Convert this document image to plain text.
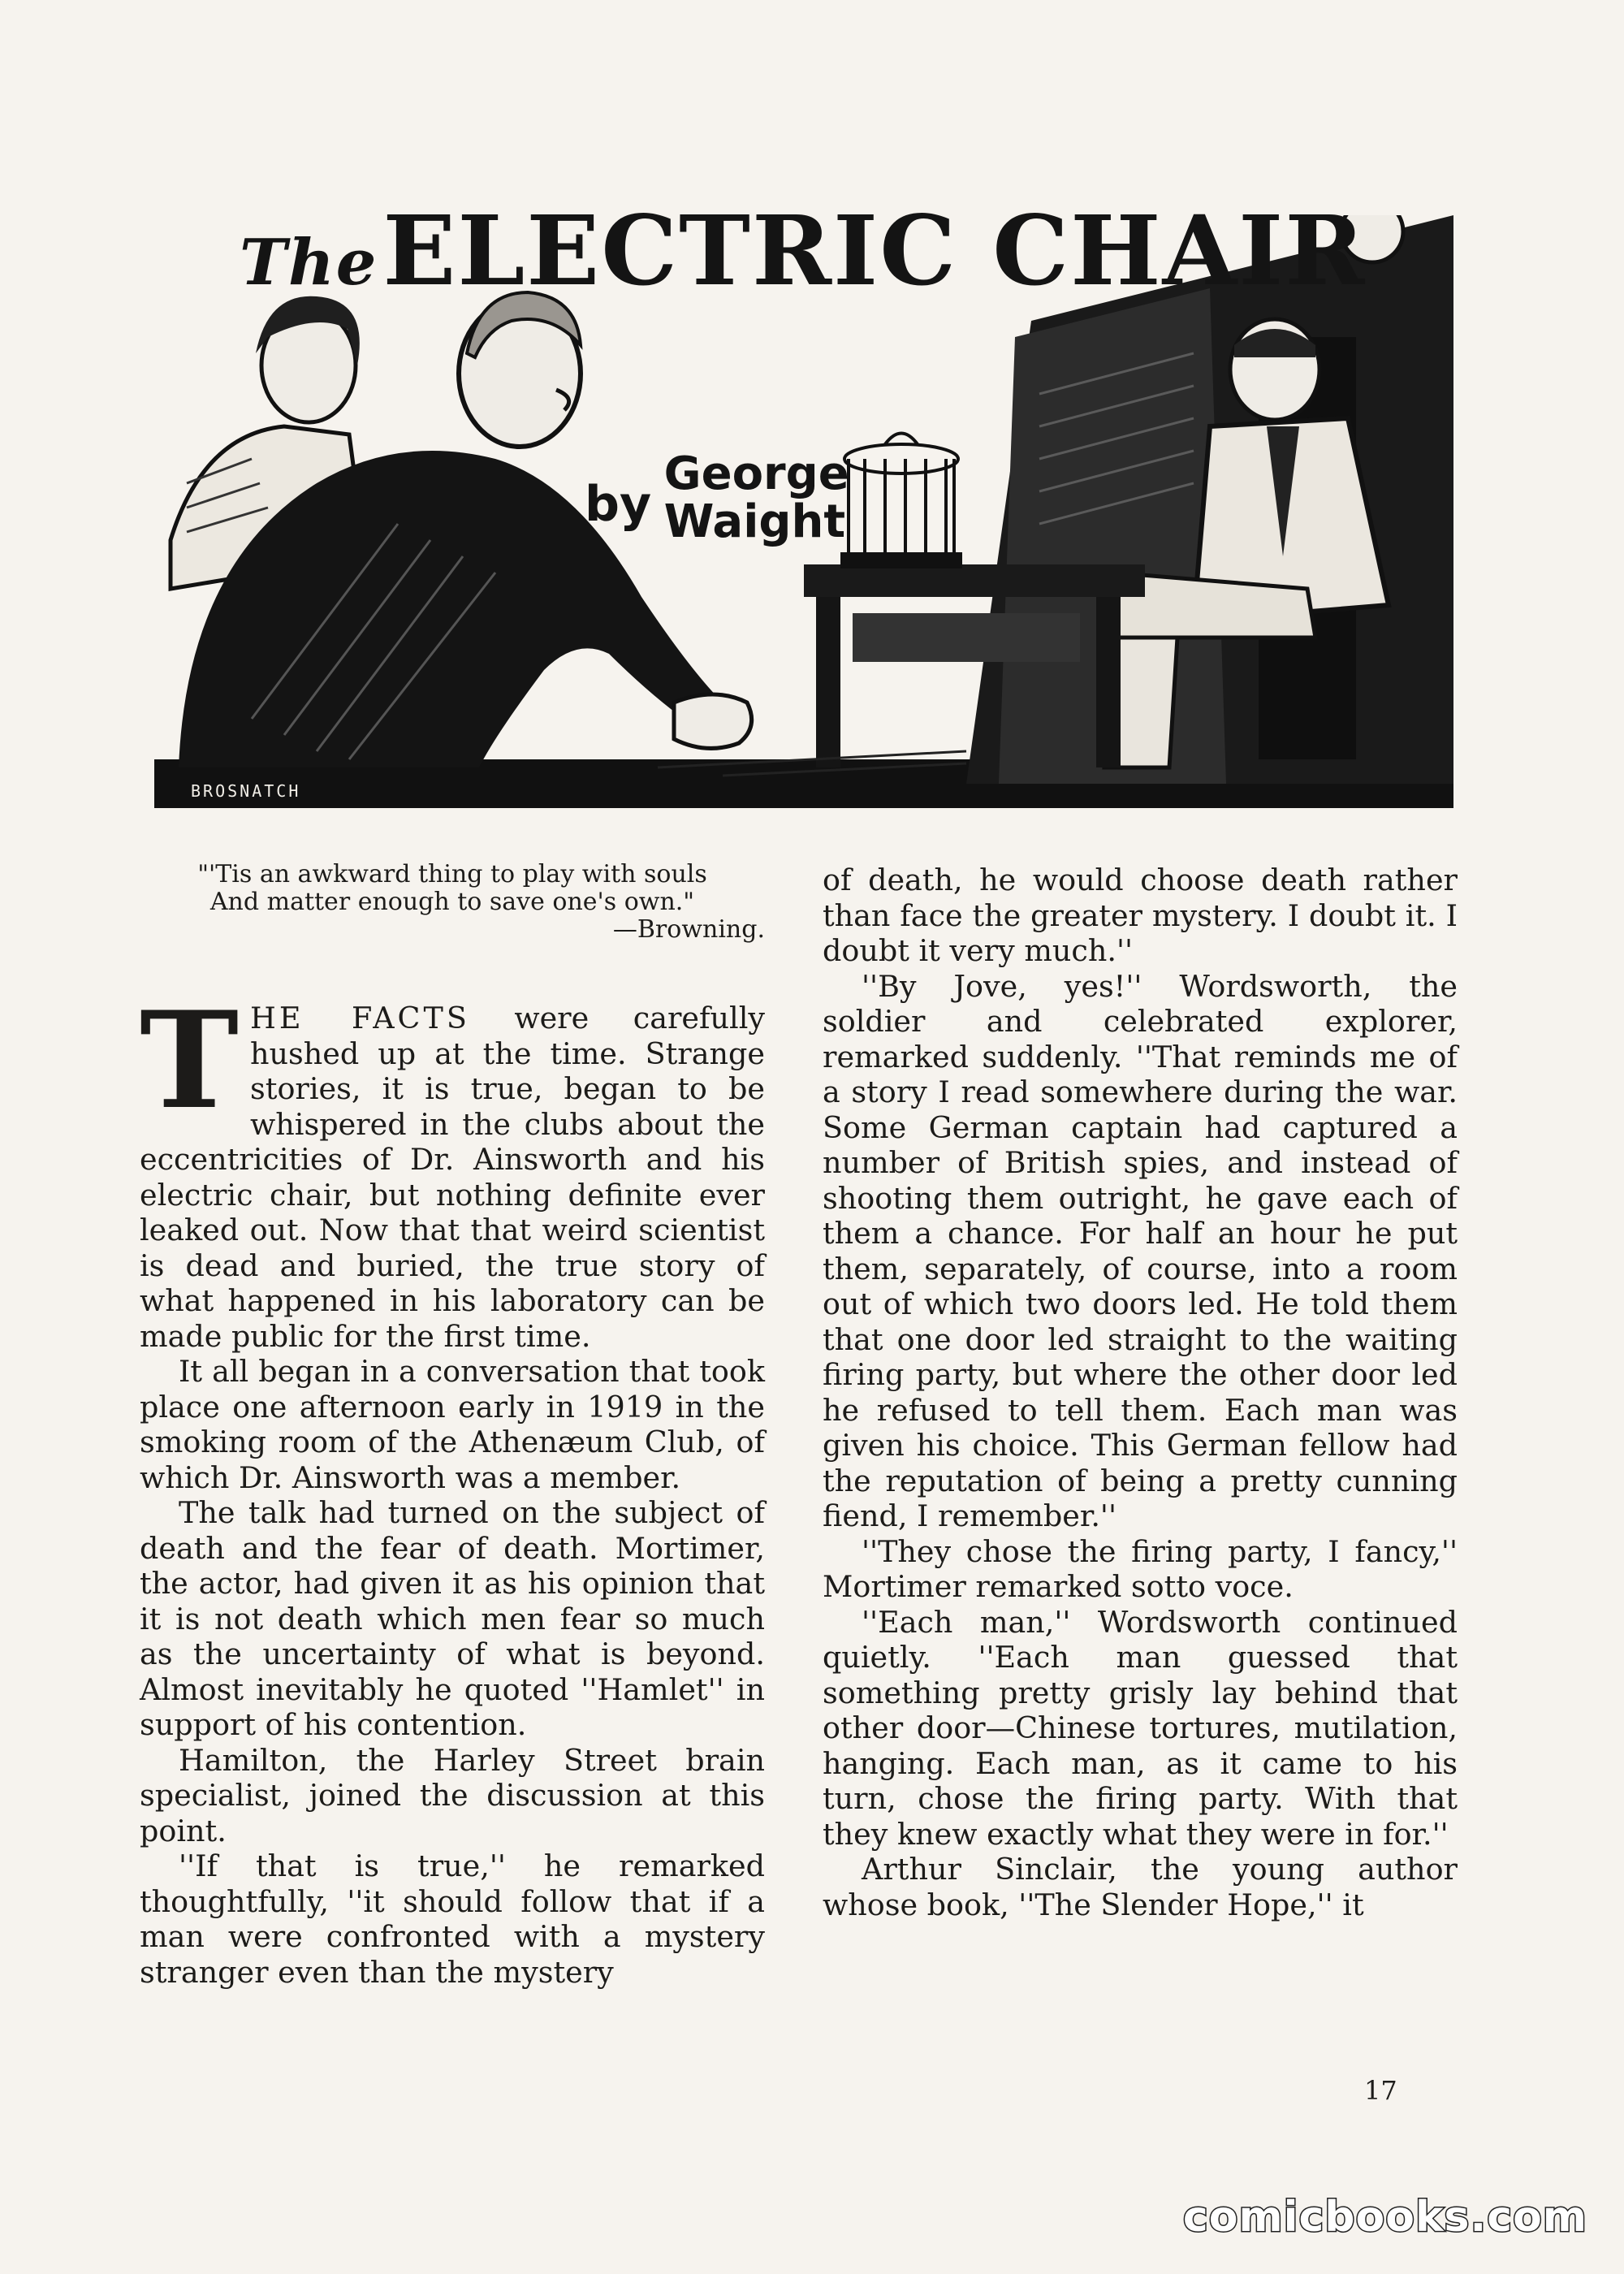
TheELECTRIC CHAIR
by George
Waight
BROSNATCH
"'Tis an awkward thing to play with souls
And matter enough to save one's own."
—Browning.

THE FACTS were carefully hushed up at the time. Strange stories, it is true, began to be whispered in the clubs about the eccentricities of Dr. Ainsworth and his electric chair, but nothing definite ever leaked out. Now that that weird scientist is dead and buried, the true story of what happened in his laboratory can be made public for the first time.

It all began in a conversation that took place one afternoon early in 1919 in the smoking room of the Athenæum Club, of which Dr. Ainsworth was a member.

The talk had turned on the subject of death and the fear of death. Mortimer, the actor, had given it as his opinion that it is not death which men fear so much as the uncertainty of what is beyond. Almost inevitably he quoted ''Hamlet'' in support of his contention.

Hamilton, the Harley Street brain specialist, joined the discussion at this point.

''If that is true,'' he remarked thoughtfully, ''it should follow that if a man were confronted with a mystery stranger even than the mystery

of death, he would choose death rather than face the greater mystery. I doubt it. I doubt it very much.''

''By Jove, yes!'' Wordsworth, the soldier and celebrated explorer, remarked suddenly. ''That reminds me of a story I read somewhere during the war. Some German captain had captured a number of British spies, and instead of shooting them outright, he gave each of them a chance. For half an hour he put them, separately, of course, into a room out of which two doors led. He told them that one door led straight to the waiting firing party, but where the other door led he refused to tell them. Each man was given his choice. This German fellow had the reputation of being a pretty cunning fiend, I remember.''

''They chose the firing party, I fancy,'' Mortimer remarked sotto voce.

''Each man,'' Wordsworth continued quietly. ''Each man guessed that something pretty grisly lay behind that other door—Chinese tortures, mutilation, hanging. Each man, as it came to his turn, chose the firing party. With that they knew exactly what they were in for.''

Arthur Sinclair, the young author whose book, ''The Slender Hope,'' it

17
comicbooks.com
